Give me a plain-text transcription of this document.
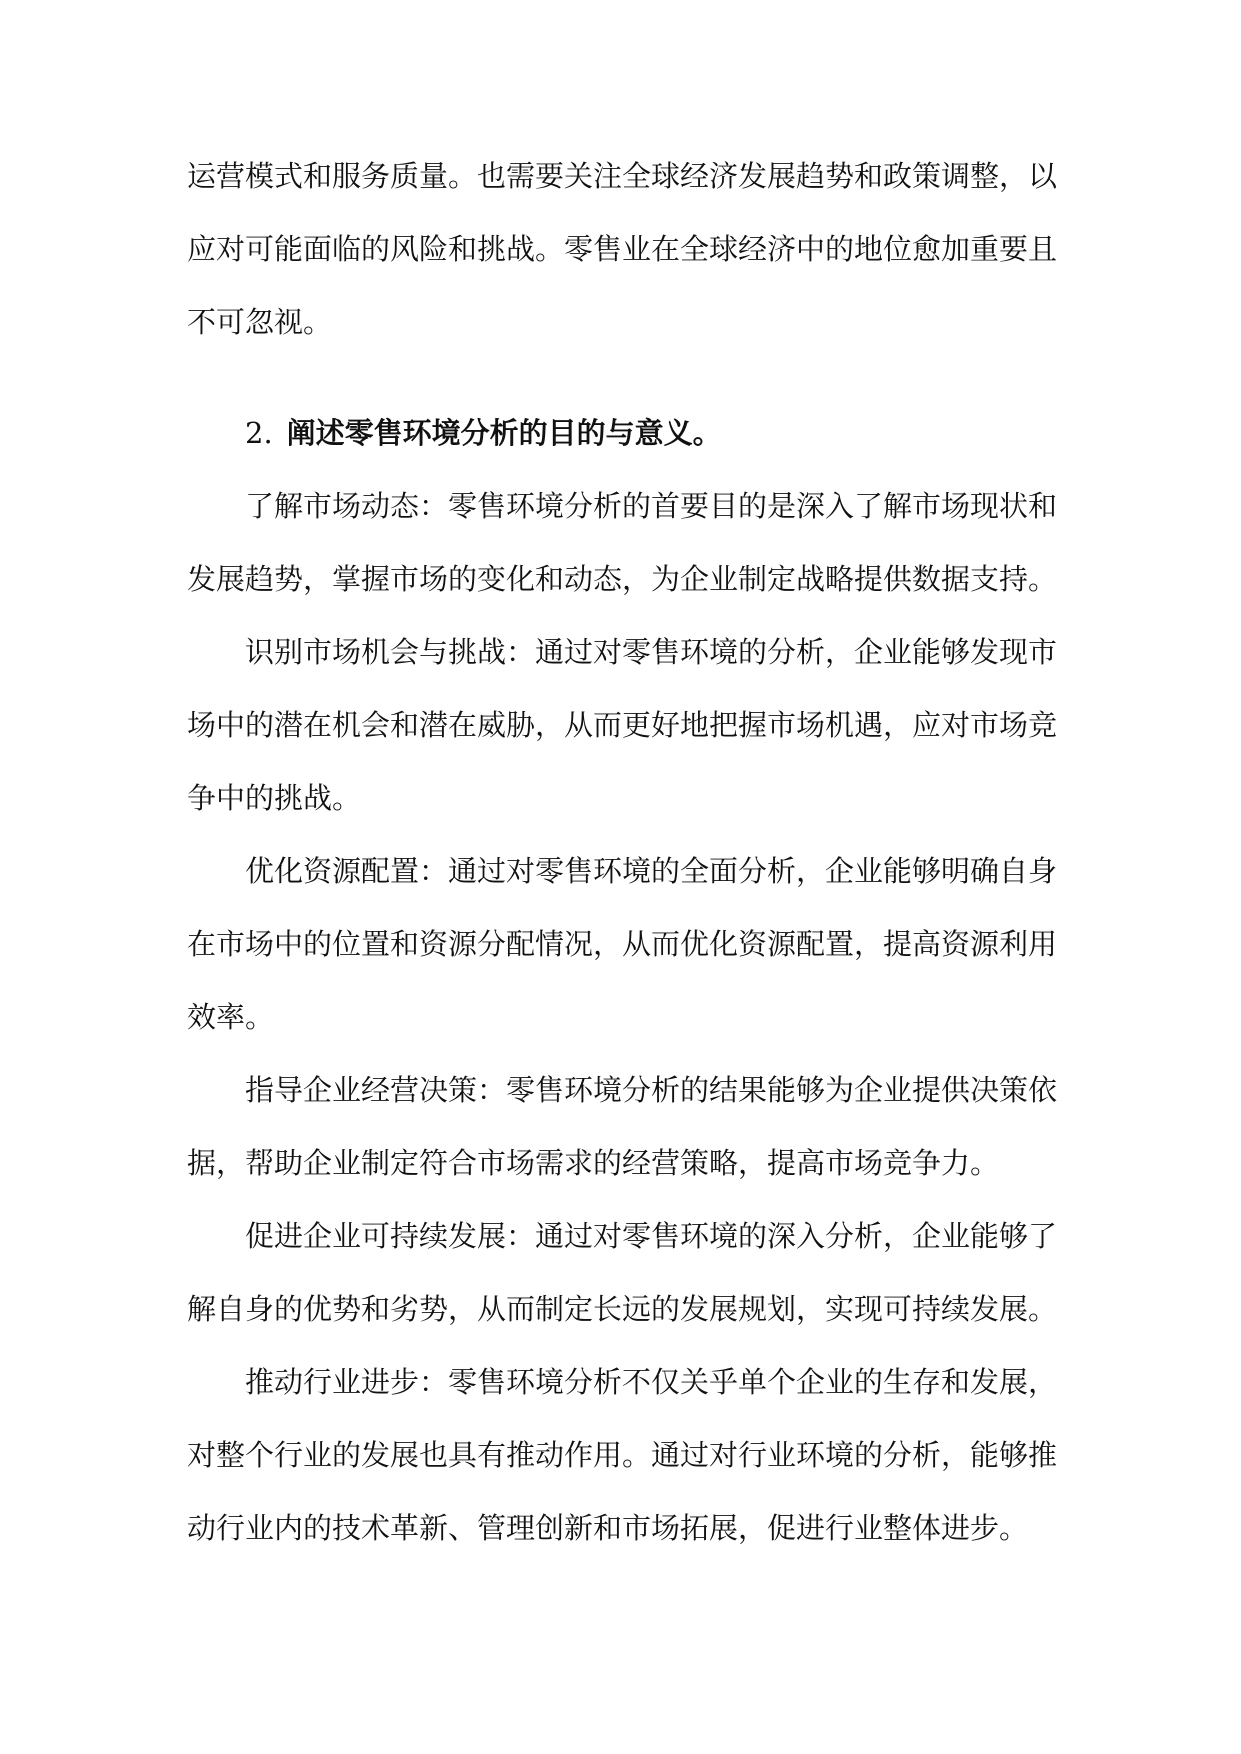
运营模式和服务质量。也需要关注全球经济发展趋势和政策调整，以
应对可能面临的风险和挑战。零售业在全球经济中的地位愈加重要且
不可忽视。
2. 阐述零售环境分析的目的与意义。
了解市场动态：零售环境分析的首要目的是深入了解市场现状和
发展趋势，掌握市场的变化和动态，为企业制定战略提供数据支持。
识别市场机会与挑战：通过对零售环境的分析，企业能够发现市
场中的潜在机会和潜在威胁，从而更好地把握市场机遇，应对市场竞
争中的挑战。
优化资源配置：通过对零售环境的全面分析，企业能够明确自身
在市场中的位置和资源分配情况，从而优化资源配置，提高资源利用
效率。
指导企业经营决策：零售环境分析的结果能够为企业提供决策依
据，帮助企业制定符合市场需求的经营策略，提高市场竞争力。
促进企业可持续发展：通过对零售环境的深入分析，企业能够了
解自身的优势和劣势，从而制定长远的发展规划，实现可持续发展。
推动行业进步：零售环境分析不仅关乎单个企业的生存和发展，
对整个行业的发展也具有推动作用。通过对行业环境的分析，能够推
动行业内的技术革新、管理创新和市场拓展，促进行业整体进步。
